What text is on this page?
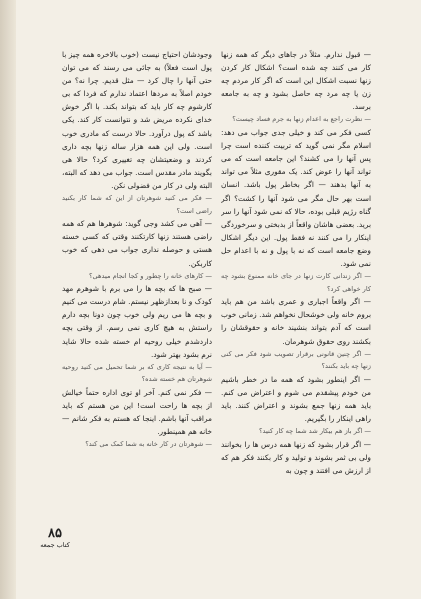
— قبول ندارم. مثلاً در جاهای دیگر که همه زنها کار می کنند چه شده است؟ اشکال کار کردن زنها نسبت اشکال این است که اگر کار مردم چه زن یا چه مرد چه حاصل بشود و چه به جامعه برسد.

— نظرت راجع به اعدام زنها به جرم فساد چیست؟

کسی فکر می کند و خیلی جدی جواب می دهد: اسلام مگر نمی گوید که تربیت کننده است چرا پس آنها را می کشند؟ این جامعه است که می تواند آنها را عوض کند. یک مقوری مثلاً می تواند به آنها بدهند — اگر بخاطر پول باشد. انسان است بهر حال مگر می شود آنها را کشت؟ اگر گناه رژیم قبلی بوده، حالا که نمی شود آنها را سر برید. بعضی هاشان واقعاً از بدبختی و سرخوردگی اینکار را می کنند نه فقط پول. این دیگر اشکال وضع جامعه است که نه با پول و نه با اعدام حل نمی شود.

— اگر زندانی کارت زنها در جای خانه ممنوع بشود چه کار خواهی کرد؟

— اگر واقعاً اجباری و عمری باشد من هم باید بروم خانه ولی خوشحال نخواهم شد. زمانی خوب است که آدم بتواند بنشیند خانه و حقوقشان را بکشند روی حقوق شوهرمان.

— اگر چنین قانونی برقرار تصویب شود فکر می کنی زنها چه باید بکنند؟

— اگر اینطور بشود که همه ما در خطر باشیم من خودم پیشقدم می شوم و اعتراض می کنم. باید همه زنها جمع بشوند و اعتراض کنند. باید راهی اینکار را بگیریم.

— اگر باز هم بیکار شد شما چه کار کنید؟

— اگر قرار بشود که زنها همه درس ها را بخوانند ولی بی ثمر بشوند و تولید و کار بکنند فکر هم که از ارزش می افتند و چون به

وجودشان احتیاج نیست (خوب بالاخره همه چیز با پول است فعلاً) به جائی می رسند که می توان حتی آنها را چال کرد — مثل قدیم. چرا نه؟ من خودم اصلاً به مردها اعتماد ندارم که فردا که بی کارشوم چه کار باید که بتواند بکند. با اگر خوش خدای نکرده مریض شد و نتوانست کار کند. یکی باشد که پول درآورد. حالا درست که مادری خوب است. ولی این همه هزار ساله زنها بچه داری کردند و وضعیتشان چه تغییری کرد؟ حالا هی بگویند مادر مقدس است. جواب می دهد که البته، البته ولی در کار من فضولی نکن.

— فکر می کنید شوهرتان از این که شما کار بکنید راضی است؟

— آهی می کشد وجی گوید: شوهرها هم که همه راضی هستند زنها کارتکنند وقتی که کسی خسته هستی و حوصله نداری جواب می دهی که خوب کاربکن.

— کارهای خانه را چطور و کجا انجام میدهی؟

— صبح ها که بچه ها را می برم با شوهرم مهد کودک و نا بعدازظهر نیستم. شام درست می کنیم و بچه ها می ریم ولی خوب چون دونا بچه دارم راستش به هیچ کاری نمی رسم. از وقتی بچه داردشدم خیلی روحیه ام خسته شده حالا شاید نرم بشود بهتر شود.

— آیا به نتیجه کاری که بر شما تحمیل می کنید روحیه شوهرتان هم خسته شده؟

— فکر نمی کنم. آخر او توی اداره حتماً خیالش از بچه ها راحت است! این من هستم که باید مراقب آنها باشم. اینجا که هستم به فکر شانم — خانه هم همینطور.

— شوهرتان در کار خانه به شما کمک می کند؟

۸۵
کتاب جمعه
